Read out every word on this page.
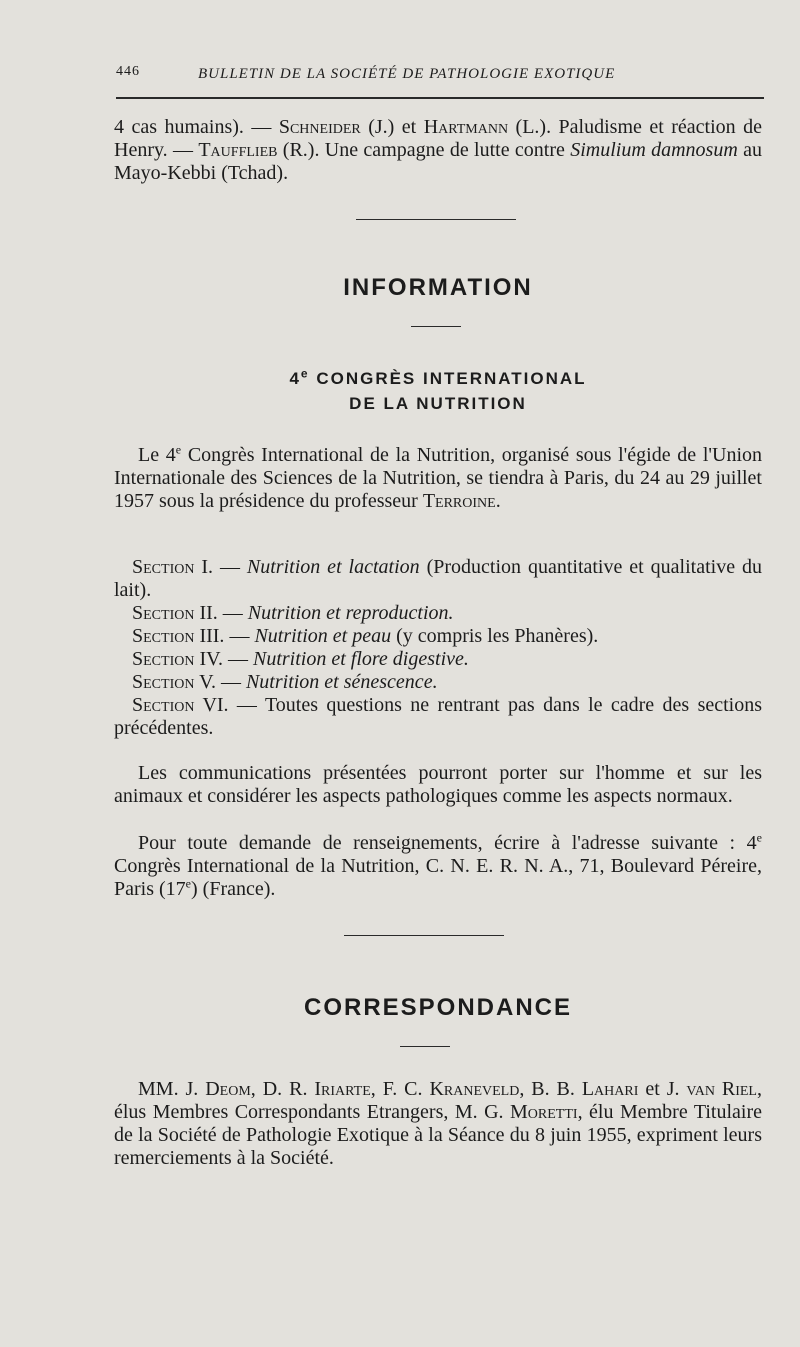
446	BULLETIN DE LA SOCIÉTÉ DE PATHOLOGIE EXOTIQUE

4 cas humains). — Schneider (J.) et Hartmann (L.). Paludisme et réaction de Henry. — Taufflieb (R.). Une campagne de lutte contre Simulium damnosum au Mayo-Kebbi (Tchad).

INFORMATION
4e CONGRÈS INTERNATIONAL
DE LA NUTRITION

Le 4e Congrès International de la Nutrition, organisé sous l'égide de l'Union Internationale des Sciences de la Nutrition, se tiendra à Paris, du 24 au 29 juillet 1957 sous la présidence du professeur Terroine.

Section I. — Nutrition et lactation (Production quantitative et qualitative du lait).

Section II. — Nutrition et reproduction.

Section III. — Nutrition et peau (y compris les Phanères).

Section IV. — Nutrition et flore digestive.

Section V. — Nutrition et sénescence.

Section VI. — Toutes questions ne rentrant pas dans le cadre des sections précédentes.

Les communications présentées pourront porter sur l'homme et sur les animaux et considérer les aspects pathologiques comme les aspects normaux.

Pour toute demande de renseignements, écrire à l'adresse suivante : 4e Congrès International de la Nutrition, C. N. E. R. N. A., 71, Boulevard Péreire, Paris (17e) (France).

CORRESPONDANCE

MM. J. Deom, D. R. Iriarte, F. C. Kraneveld, B. B. Lahari et J. van Riel, élus Membres Correspondants Etrangers, M. G. Moretti, élu Membre Titulaire de la Société de Pathologie Exotique à la Séance du 8 juin 1955, expriment leurs remerciements à la Société.
